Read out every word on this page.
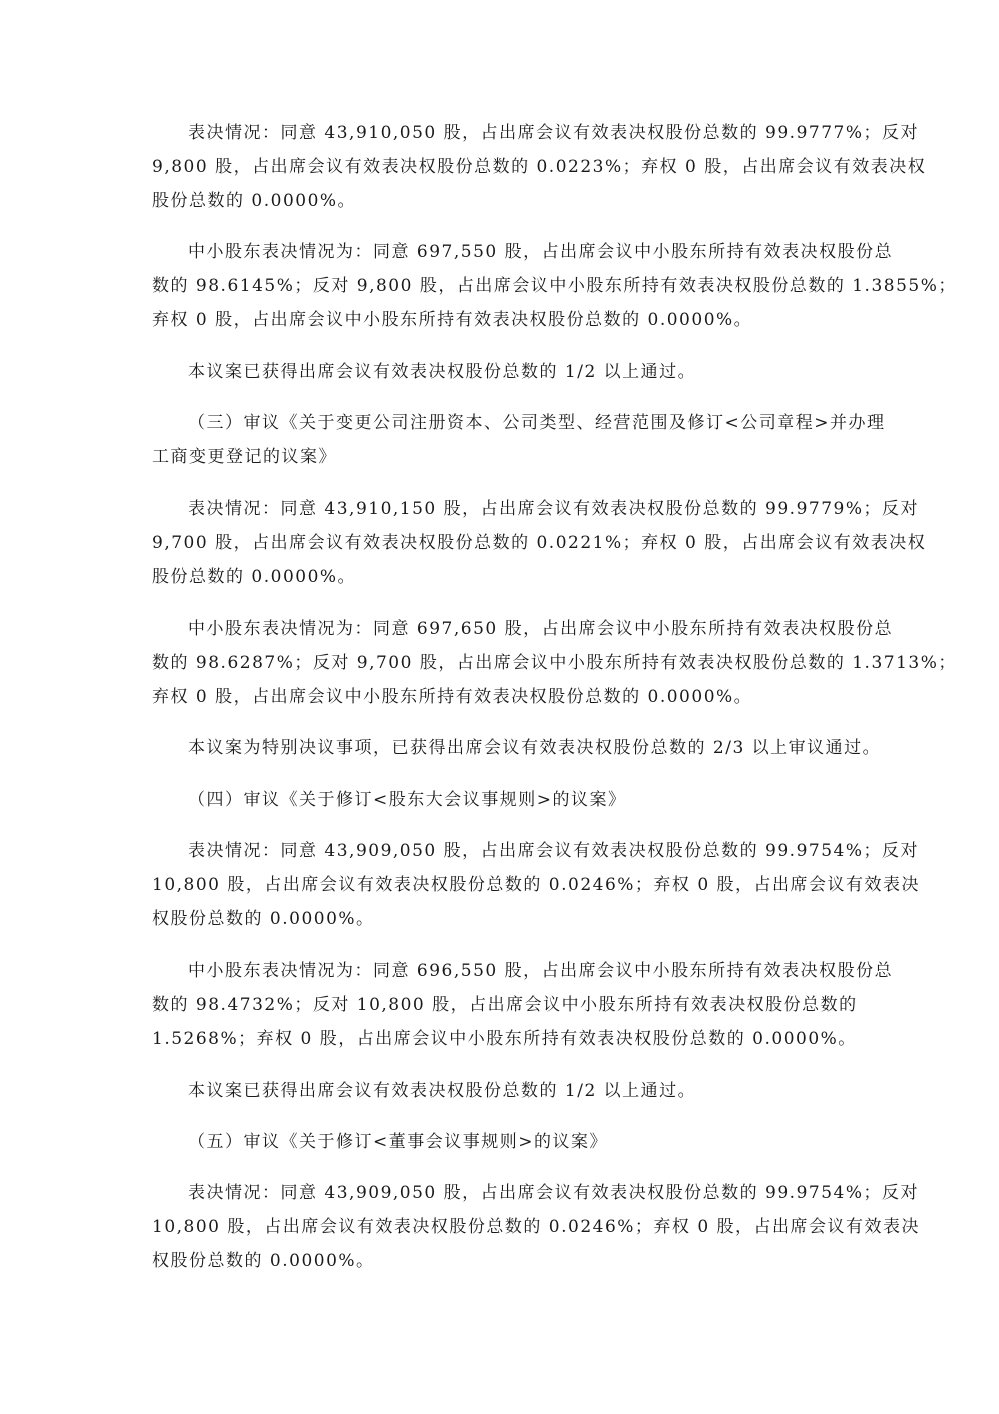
表决情况：同意 43,910,050 股，占出席会议有效表决权股份总数的 99.9777%；反对

9,800 股，占出席会议有效表决权股份总数的 0.0223%；弃权 0 股，占出席会议有效表决权

股份总数的 0.0000%。

中小股东表决情况为：同意 697,550 股，占出席会议中小股东所持有效表决权股份总

数的 98.6145%；反对 9,800 股，占出席会议中小股东所持有效表决权股份总数的 1.3855%；

弃权 0 股，占出席会议中小股东所持有效表决权股份总数的 0.0000%。

本议案已获得出席会议有效表决权股份总数的 1/2 以上通过。

（三）审议《关于变更公司注册资本、公司类型、经营范围及修订<公司章程>并办理

工商变更登记的议案》

表决情况：同意 43,910,150 股，占出席会议有效表决权股份总数的 99.9779%；反对

9,700 股，占出席会议有效表决权股份总数的 0.0221%；弃权 0 股，占出席会议有效表决权

股份总数的 0.0000%。

中小股东表决情况为：同意 697,650 股，占出席会议中小股东所持有效表决权股份总

数的 98.6287%；反对 9,700 股，占出席会议中小股东所持有效表决权股份总数的 1.3713%；

弃权 0 股，占出席会议中小股东所持有效表决权股份总数的 0.0000%。

本议案为特别决议事项，已获得出席会议有效表决权股份总数的 2/3 以上审议通过。

（四）审议《关于修订<股东大会议事规则>的议案》

表决情况：同意 43,909,050 股，占出席会议有效表决权股份总数的 99.9754%；反对

10,800 股，占出席会议有效表决权股份总数的 0.0246%；弃权 0 股，占出席会议有效表决

权股份总数的 0.0000%。

中小股东表决情况为：同意 696,550 股，占出席会议中小股东所持有效表决权股份总

数的 98.4732%；反对 10,800 股，占出席会议中小股东所持有效表决权股份总数的

1.5268%；弃权 0 股，占出席会议中小股东所持有效表决权股份总数的 0.0000%。

本议案已获得出席会议有效表决权股份总数的 1/2 以上通过。

（五）审议《关于修订<董事会议事规则>的议案》

表决情况：同意 43,909,050 股，占出席会议有效表决权股份总数的 99.9754%；反对

10,800 股，占出席会议有效表决权股份总数的 0.0246%；弃权 0 股，占出席会议有效表决

权股份总数的 0.0000%。
